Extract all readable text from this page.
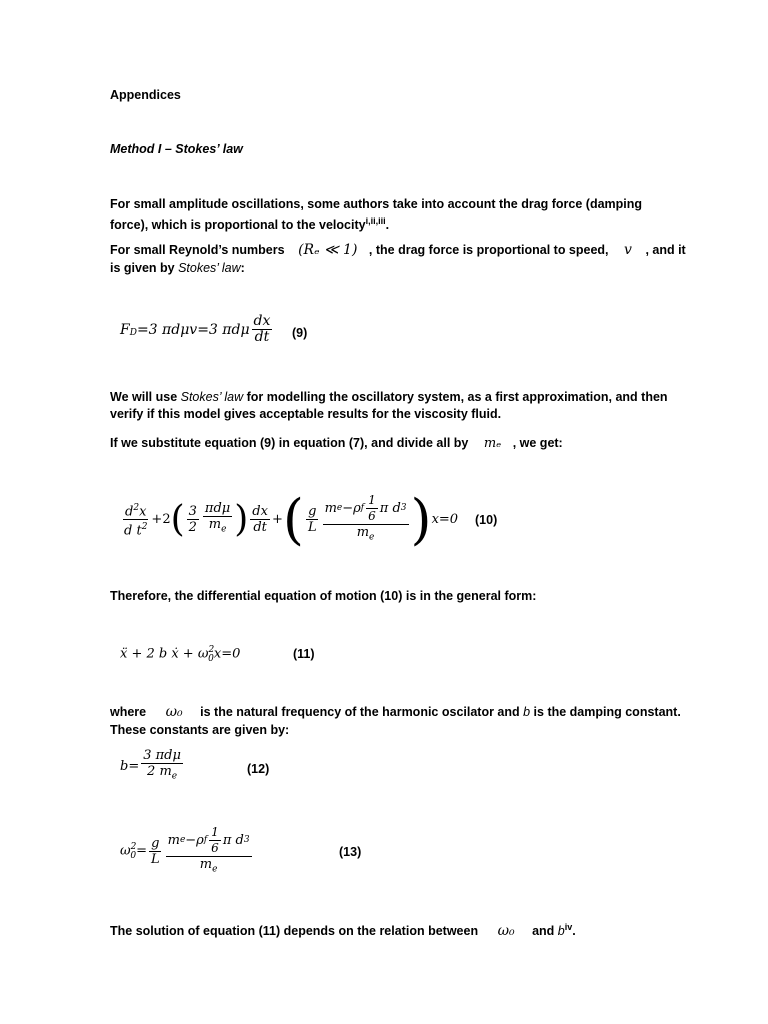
Appendices
Method I – Stokes’ law
For small amplitude oscillations, some authors take into account the drag force (damping
force), which is proportional to the velocity$^{i,ii,iii}$.
For small Reynold’s numbers (Rₑ ≪ 1) , the drag force is proportional to speed, v , and it
is given by Stokes’ law:
$F_D =3$ πdμv=3 πdμ $\frac{dx}{dt} (9)$
We will use Stokes’ law for modelling the oscillatory system, as a first approximation, and then
verify if this model gives acceptable results for the viscosity fluid.
If we substitute equation (9) in equation (7), and divide all by mₑ , we get:
$\frac{d^2x}{d t^2} +2$ ( $\frac{3}{2} \frac{\text{πdμ}}{m_e}$ ) $\frac{dx}{dt}$ + ( $\frac{g}{L} \frac{m e -\rho f \frac{1}{6} \pi d 3}{m_e}$ ) x=0 (10)
Therefore, the differential equation of motion (10) is in the general form:
ẍ + 2 b ẋ + $\omega^2_0x=0$	(11)
where ω₀ is the natural frequency of the harmonic oscilator and b is the damping constant.
These constants are given by:
$b= \frac{\text{3 πdμ}}{2 m_e}$	(12)
$\omega^2_0= \frac{g}{L} \frac{m e -\rho f \frac{1}{6} \pi d 3}{m_e}$	(13)
The solution of equation (11) depends on the relation between ω₀ and $b^{iv}$.
